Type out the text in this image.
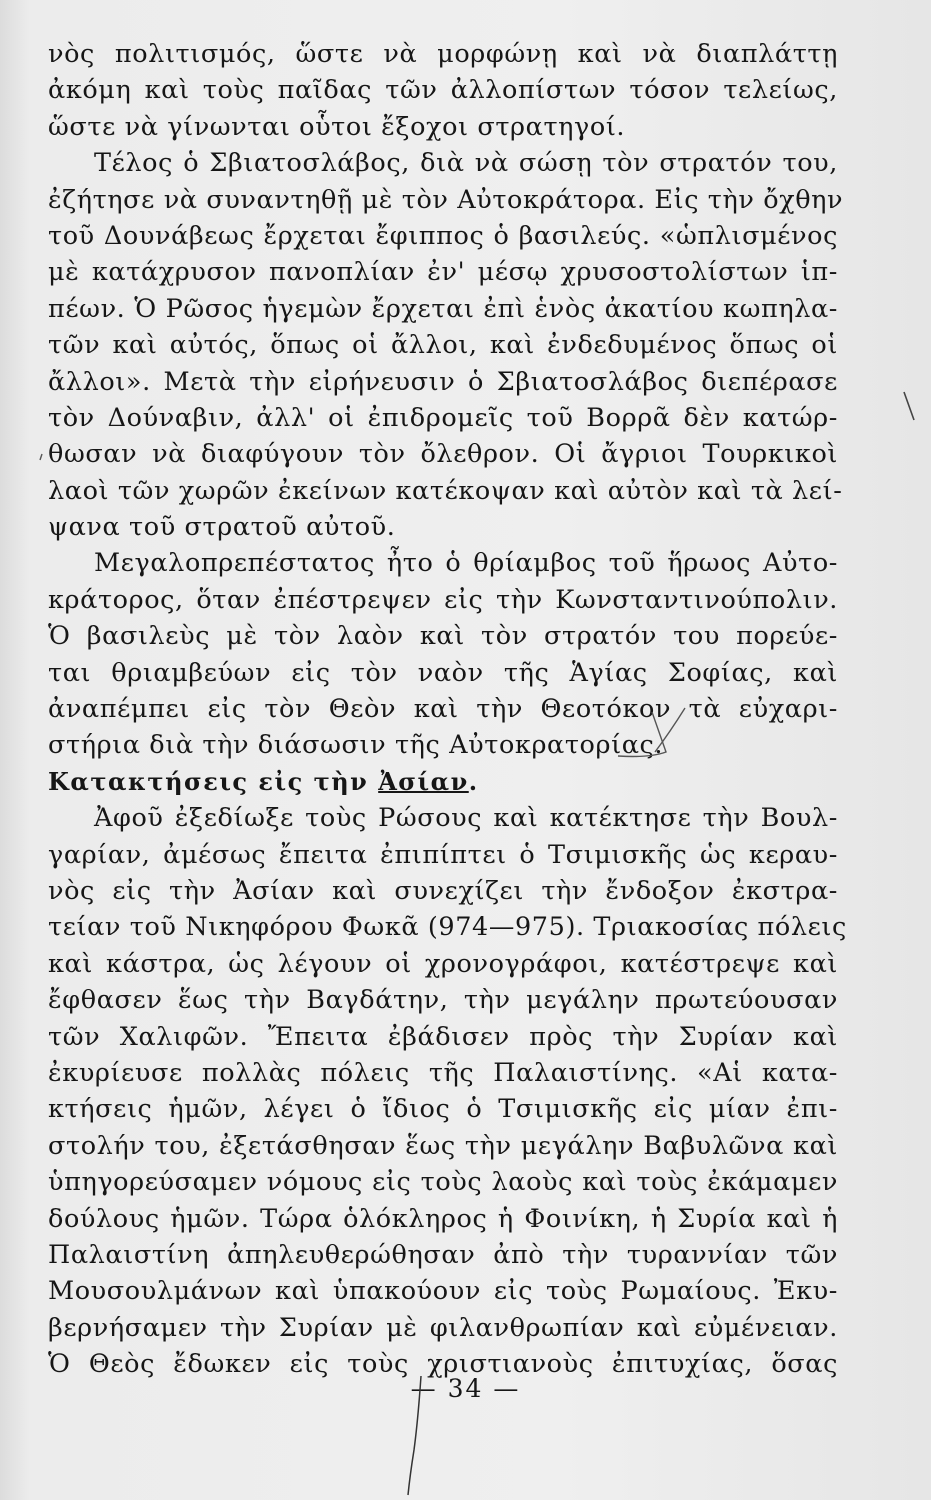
νὸς πολιτισμός, ὥστε νὰ μορφώνῃ καὶ νὰ διαπλάττῃ
ἀκόμη καὶ τοὺς παῖδας τῶν ἀλλοπίστων τόσον τελείως,
ὥστε νὰ γίνωνται οὗτοι ἔξοχοι στρατηγοί.
Τέλος ὁ Σβιατοσλάβος, διὰ νὰ σώσῃ τὸν στρατόν του,
ἐζήτησε νὰ συναντηθῇ μὲ τὸν Αὐτοκράτορα. Εἰς τὴν ὄχθην
τοῦ Δουνάβεως ἔρχεται ἔφιππος ὁ βασιλεύς. «ὡπλισμένος
μὲ κατάχρυσον πανοπλίαν ἐν' μέσῳ χρυσοστολίστων ἱπ-
πέων. Ὁ Ρῶσος ἡγεμὼν ἔρχεται ἐπὶ ἑνὸς ἀκατίου κωπηλα-
τῶν καὶ αὐτός, ὅπως οἱ ἄλλοι, καὶ ἐνδεδυμένος ὅπως οἱ
ἄλλοι». Μετὰ τὴν εἰρήνευσιν ὁ Σβιατοσλάβος διεπέρασε
τὸν Δούναβιν, ἀλλ' οἱ ἐπιδρομεῖς τοῦ Βορρᾶ δὲν κατώρ-
θωσαν νὰ διαφύγουν τὸν ὄλεθρον. Οἱ ἄγριοι Τουρκικοὶ
λαοὶ τῶν χωρῶν ἐκείνων κατέκοψαν καὶ αὐτὸν καὶ τὰ λεί-
ψανα τοῦ στρατοῦ αὐτοῦ.
Μεγαλοπρεπέστατος ἦτο ὁ θρίαμβος τοῦ ἥρωος Αὐτο-
κράτορος, ὅταν ἐπέστρεψεν εἰς τὴν Κωνσταντινούπολιν.
Ὁ βασιλεὺς μὲ τὸν λαὸν καὶ τὸν στρατόν του πορεύε-
ται θριαμβεύων εἰς τὸν ναὸν τῆς Ἁγίας Σοφίας, καὶ
ἀναπέμπει εἰς τὸν Θεὸν καὶ τὴν Θεοτόκον τὰ εὐχαρι-
στήρια διὰ τὴν διάσωσιν τῆς Αὐτοκρατορίας.
Κατακτήσεις εἰς τὴν Ἀσίαν.
Ἀφοῦ ἐξεδίωξε τοὺς Ρώσους καὶ κατέκτησε τὴν Βουλ-
γαρίαν, ἀμέσως ἔπειτα ἐπιπίπτει ὁ Τσιμισκῆς ὡς κεραυ-
νὸς εἰς τὴν Ἀσίαν καὶ συνεχίζει τὴν ἔνδοξον ἐκστρα-
τείαν τοῦ Νικηφόρου Φωκᾶ (974—975). Τριακοσίας πόλεις
καὶ κάστρα, ὡς λέγουν οἱ χρονογράφοι, κατέστρεψε καὶ
ἔφθασεν ἕως τὴν Βαγδάτην, τὴν μεγάλην πρωτεύουσαν
τῶν Χαλιφῶν. Ἔπειτα ἐβάδισεν πρὸς τὴν Συρίαν καὶ
ἐκυρίευσε πολλὰς πόλεις τῆς Παλαιστίνης. «Αἱ κατα-
κτήσεις ἡμῶν, λέγει ὁ ἴδιος ὁ Τσιμισκῆς εἰς μίαν ἐπι-
στολήν του, ἐξετάσθησαν ἕως τὴν μεγάλην Βαβυλῶνα καὶ
ὑπηγορεύσαμεν νόμους εἰς τοὺς λαοὺς καὶ τοὺς ἐκάμαμεν
δούλους ἡμῶν. Τώρα ὁλόκληρος ἡ Φοινίκη, ἡ Συρία καὶ ἡ
Παλαιστίνη ἀπηλευθερώθησαν ἀπὸ τὴν τυραννίαν τῶν
Μουσουλμάνων καὶ ὑπακούουν εἰς τοὺς Ρωμαίους. Ἐκυ-
βερνήσαμεν τὴν Συρίαν μὲ φιλανθρωπίαν καὶ εὐμένειαν.
Ὁ Θεὸς ἔδωκεν εἰς τοὺς χριστιανοὺς ἐπιτυχίας, ὅσας
— 34 —
